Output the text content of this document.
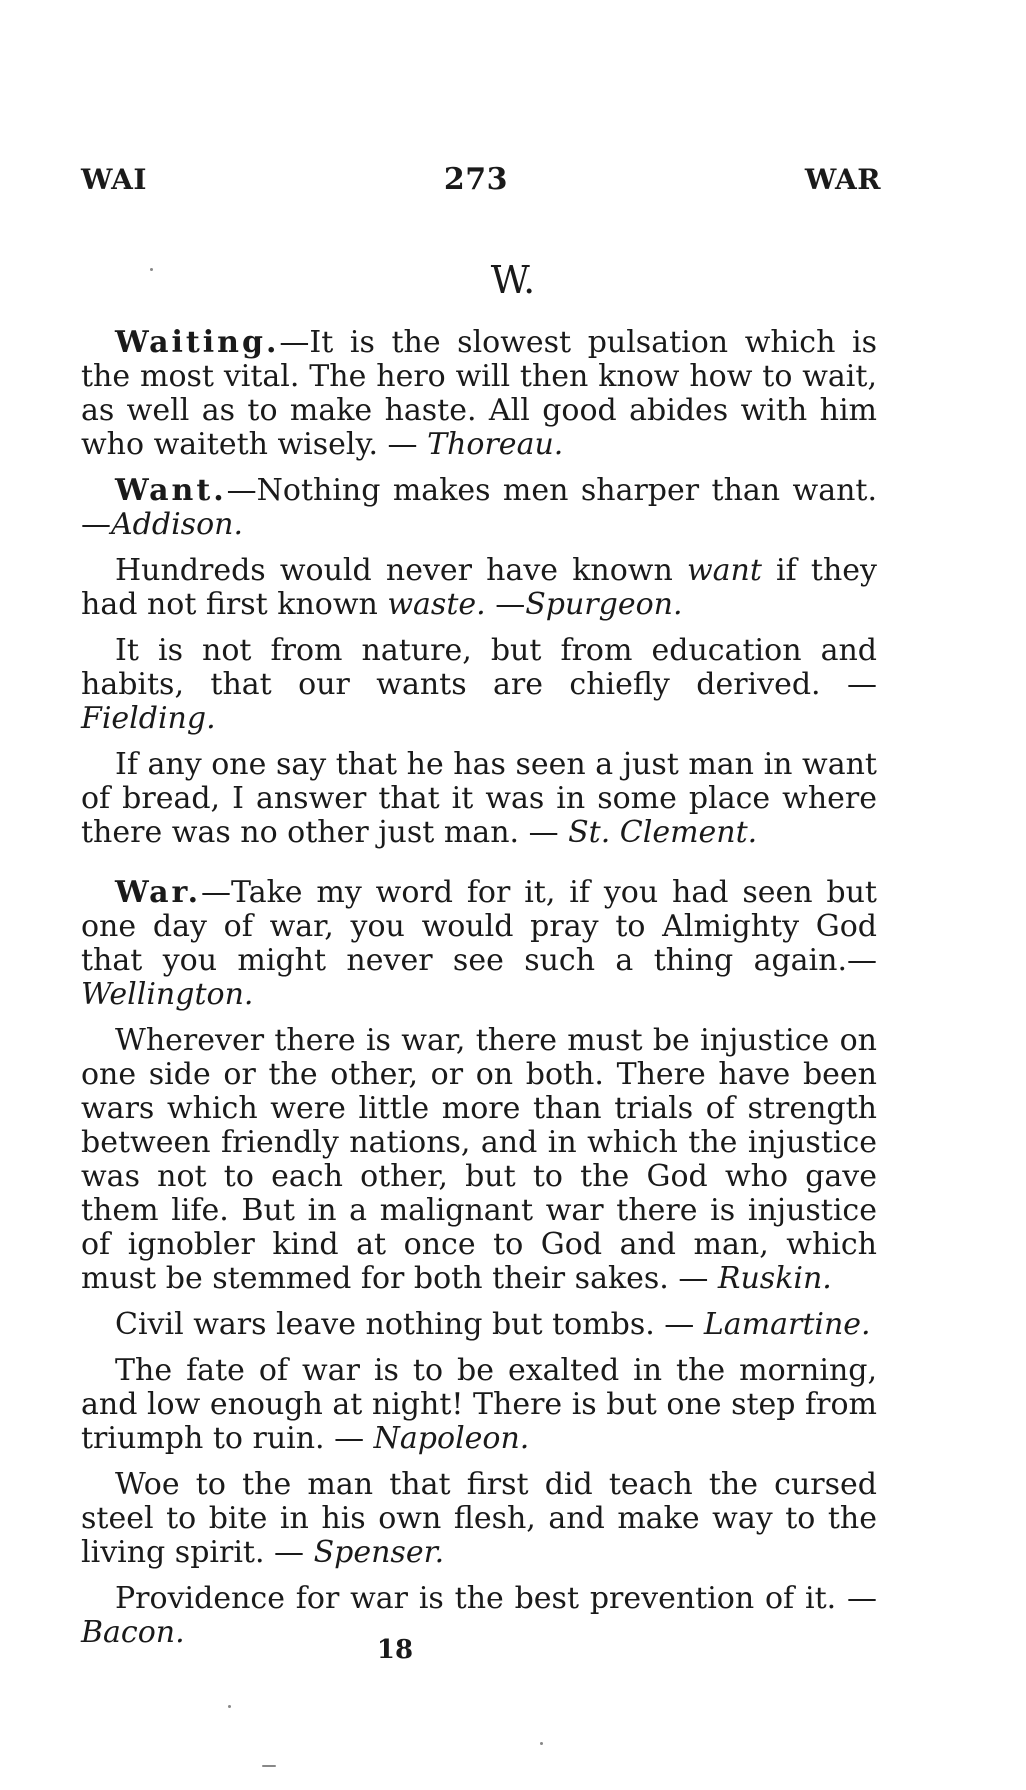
WAI	273	WAR
W.

Waiting.—It is the slowest pulsation which is the most vital. The hero will then know how to wait, as well as to make haste. All good abides with him who waiteth wisely. — Thoreau.

Want.—Nothing makes men sharper than want. —Addison.

Hundreds would never have known want if they had not first known waste. —Spurgeon.

It is not from nature, but from education and habits, that our wants are chiefly derived. —Fielding.

If any one say that he has seen a just man in want of bread, I answer that it was in some place where there was no other just man. — St. Clement.

War.—Take my word for it, if you had seen but one day of war, you would pray to Almighty God that you might never see such a thing again.— Wellington.

Wherever there is war, there must be injustice on one side or the other, or on both. There have been wars which were little more than trials of strength between friendly nations, and in which the injustice was not to each other, but to the God who gave them life. But in a malignant war there is injustice of ignobler kind at once to God and man, which must be stemmed for both their sakes. — Ruskin.

Civil wars leave nothing but tombs. — Lamartine.

The fate of war is to be exalted in the morning, and low enough at night! There is but one step from triumph to ruin. — Napoleon.

Woe to the man that first did teach the cursed steel to bite in his own flesh, and make way to the living spirit. — Spenser.

Providence for war is the best prevention of it. — Bacon.	18
